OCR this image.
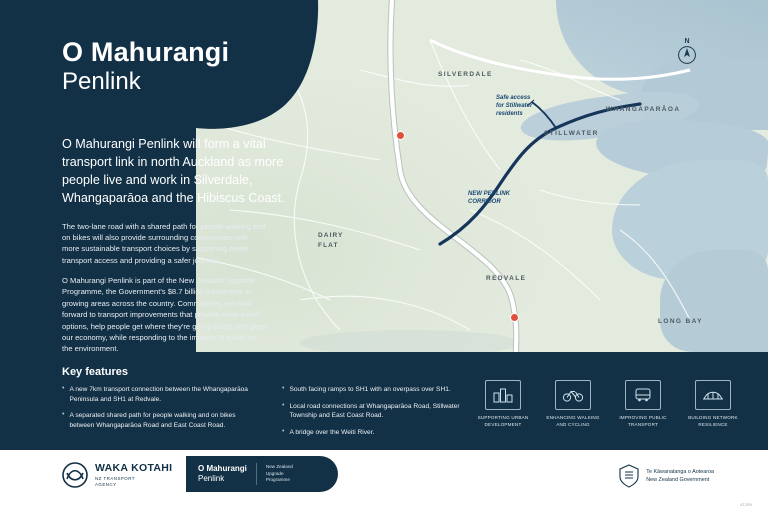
SILVERDALE
WHANGAPARĀOA
STILLWATER
DAIRY
FLAT
REDVALE
LONG BAY
Safe access
for Stillwater
residents
NEW PENLINK
CORRIDOR
N
O Mahurangi
Penlink

O Mahurangi Penlink will form a vital transport link in north Auckland as more people live and work in Silverdale, Whangaparāoa and the Hibiscus Coast.

The two-lane road with a shared path for people walking and on bikes will also provide surrounding communities with more sustainable transport choices by supporting better transport access and providing a safer journey.

O Mahurangi Penlink is part of the New Zealand Upgrade Programme, the Government's $8.7 billion investment in growing areas across the country. Communities can look forward to transport improvements that provide more travel options, help people get where they're going safely and grow our economy, while responding to the impacts of travel on the environment.

Key features
• A new 7km transport connection between the Whangaparāoa Peninsula and SH1 at Redvale.
• A separated shared path for people walking and on bikes between Whangaparāoa Road and East Coast Road.
• South facing ramps to SH1 with an overpass over SH1.
• Local road connections at Whangaparāoa Road, Stillwater Township and East Coast Road.
• A bridge over the Weiti River.
SUPPORTING URBAN DEVELOPMENT
ENHANCING WALKING AND CYCLING
IMPROVING PUBLIC TRANSPORT
BUILDING NETWORK RESILIENCE
WAKA KOTAHI
NZ TRANSPORT
AGENCY
O Mahurangi
Penlink
New Zealand
Upgrade
Programme
Te Kāwanatanga o Aotearoa
New Zealand Government
AT-2R0
